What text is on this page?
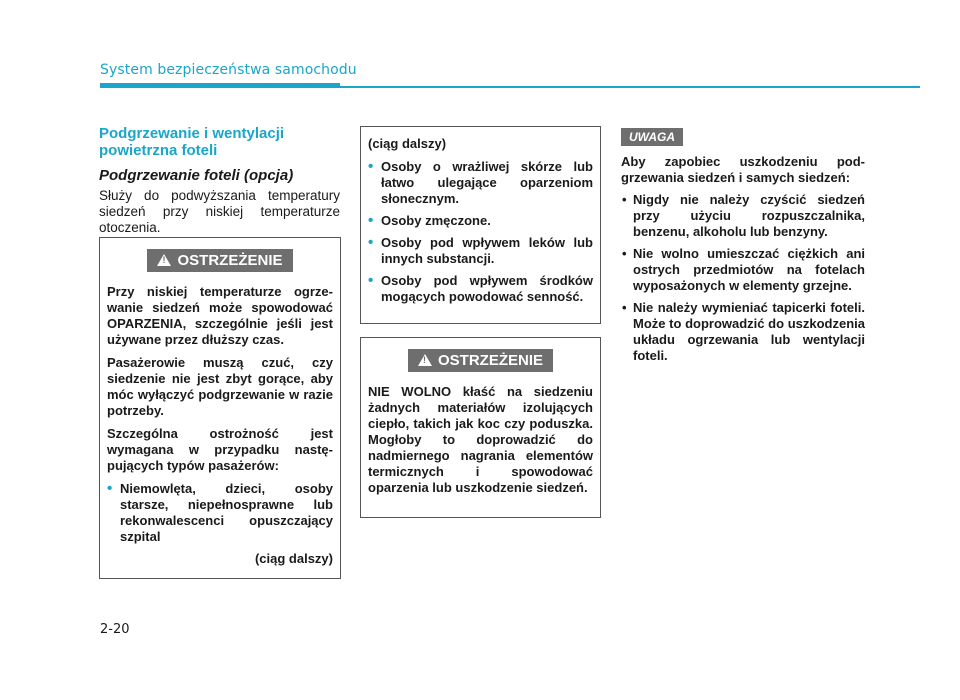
System bezpieczeństwa samochodu
Podgrzewanie i wentylacji powietrzna foteli
Podgrzewanie foteli (opcja)
Służy do podwyższania temperatury siedzeń przy niskiej temperaturze otoczenia.
!
OSTRZEŻENIE

Przy niskiej temperaturze ogrzewanie siedzeń może spowodować OPARZENIA, szczególnie jeśli jest używane przez dłuższy czas.

Pasażerowie muszą czuć, czy siedzenie nie jest zbyt gorące, aby móc wyłączyć podgrzewanie w razie potrzeby.

Szczególna ostrożność jest wymagana w przypadku następujących typów pasażerów:

• Niemowlęta, dzieci, osoby starsze, niepełnosprawne lub rekonwalescenci opuszczający szpital
(ciąg dalszy)

(ciąg dalszy)

• Osoby o wrażliwej skórze lub łatwo ulegające oparzeniom słonecznym.
• Osoby zmęczone.
• Osoby pod wpływem leków lub innych substancji.
• Osoby pod wpływem środków mogących powodować senność.
!
OSTRZEŻENIE

NIE WOLNO kłaść na siedzeniu żadnych materiałów izolujących ciepło, takich jak koc czy poduszka. Mogłoby to doprowadzić do nadmiernego nagrania elementów termicznych i spowodować oparzenia lub uszkodzenie siedzeń.

UWAGA

Aby zapobiec uszkodzeniu podgrzewania siedzeń i samych siedzeń:

• Nigdy nie należy czyścić siedzeń przy użyciu rozpuszczalnika, benzenu, alkoholu lub benzyny.
• Nie wolno umieszczać ciężkich ani ostrych przedmiotów na fotelach wyposażonych w elementy grzejne.
• Nie należy wymieniać tapicerki foteli. Może to doprowadzić do uszkodzenia układu ogrzewania lub wentylacji foteli.
2-20
